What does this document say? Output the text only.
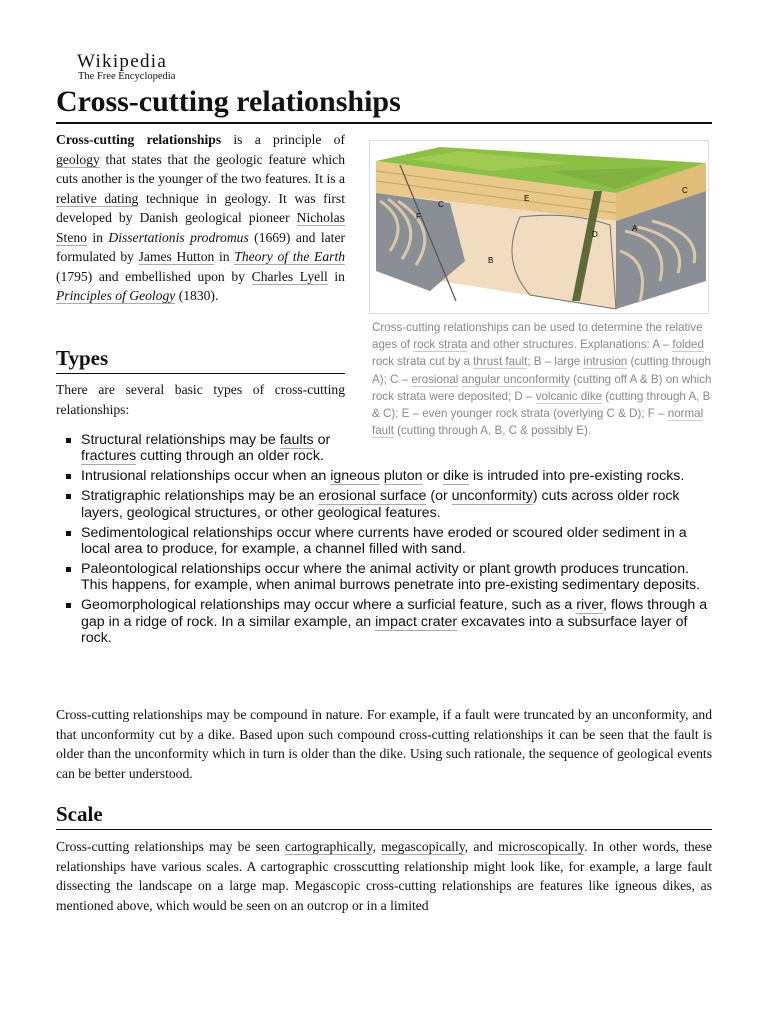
Wikipedia
The Free Encyclopedia
Cross-cutting relationships

Cross-cutting relationships is a principle of geology that states that the geologic feature which cuts another is the younger of the two features. It is a relative dating technique in geology. It was first developed by Danish geological pioneer Nicholas Steno in Dissertationis prodromus (1669) and later formulated by James Hutton in Theory of the Earth (1795) and embellished upon by Charles Lyell in Principles of Geology (1830).

C
F
E
C
D
A
B
Cross-cutting relationships can be used to determine the relative ages of rock strata and other structures. Explanations: A – folded rock strata cut by a thrust fault; B – large intrusion (cutting through A); C – erosional angular unconformity (cutting off A & B) on which rock strata were deposited; D – volcanic dike (cutting through A, B & C); E – even younger rock strata (overlying C & D); F – normal fault (cutting through A, B, C & possibly E).
Types

There are several basic types of cross-cutting relationships:

Structural relationships may be faults or fractures cutting through an older rock.
Intrusional relationships occur when an igneous pluton or dike is intruded into pre-existing rocks.
Stratigraphic relationships may be an erosional surface (or unconformity) cuts across older rock layers, geological structures, or other geological features.
Sedimentological relationships occur where currents have eroded or scoured older sediment in a local area to produce, for example, a channel filled with sand.
Paleontological relationships occur where the animal activity or plant growth produces truncation. This happens, for example, when animal burrows penetrate into pre-existing sedimentary deposits.
Geomorphological relationships may occur where a surficial feature, such as a river, flows through a gap in a ridge of rock. In a similar example, an impact crater excavates into a subsurface layer of rock.

Cross-cutting relationships may be compound in nature. For example, if a fault were truncated by an unconformity, and that unconformity cut by a dike. Based upon such compound cross-cutting relationships it can be seen that the fault is older than the unconformity which in turn is older than the dike. Using such rationale, the sequence of geological events can be better understood.

Scale

Cross-cutting relationships may be seen cartographically, megascopically, and microscopically. In other words, these relationships have various scales. A cartographic crosscutting relationship might look like, for example, a large fault dissecting the landscape on a large map. Megascopic cross-cutting relationships are features like igneous dikes, as mentioned above, which would be seen on an outcrop or in a limited
